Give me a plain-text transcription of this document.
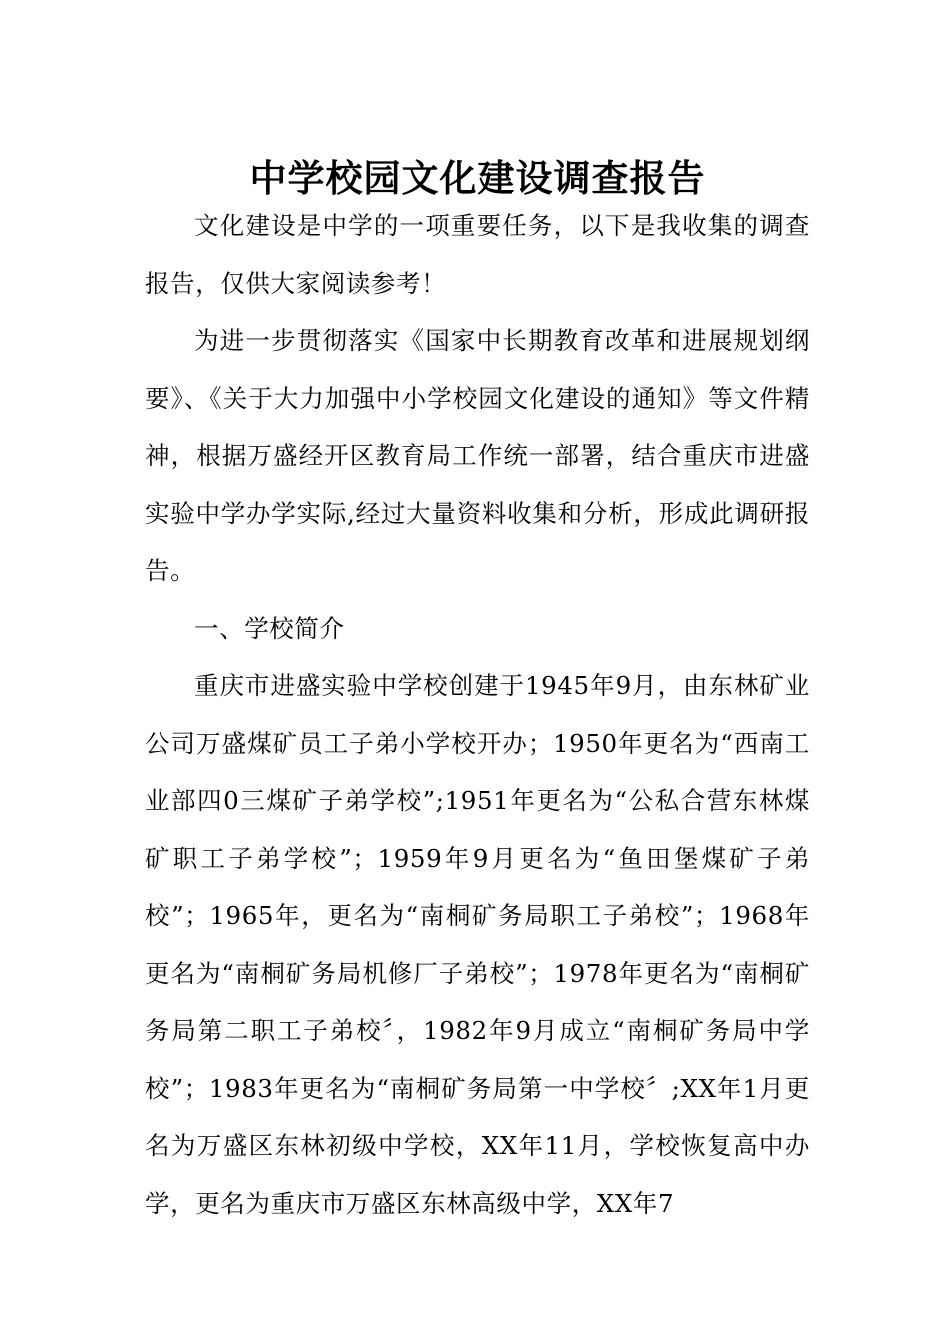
中学校园文化建设调查报告

文化建设是中学的一项重要任务，以下是我收集的调查报告，仅供大家阅读参考！

为进一步贯彻落实《国家中长期教育改革和进展规划纲要》、《关于大力加强中小学校园文化建设的通知》等文件精神，根据万盛经开区教育局工作统一部署，结合重庆市进盛实验中学办学实际,经过大量资料收集和分析，形成此调研报告。

一、学校简介

重庆市进盛实验中学校创建于1945年9月，由东林矿业公司万盛煤矿员工子弟小学校开办；1950年更名为“西南工业部四0三煤矿子弟学校”;1951年更名为“公私合营东林煤矿职工子弟学校”；1959年9月更名为“鱼田堡煤矿子弟校”；1965年，更名为“南桐矿务局职工子弟校”；1968年更名为“南桐矿务局机修厂子弟校”；1978年更名为“南桐矿务局第二职工子弟校〞，1982年9月成立“南桐矿务局中学校”；1983年更名为“南桐矿务局第一中学校〞;XX年1月更名为万盛区东林初级中学校，XX年11月，学校恢复高中办学，更名为重庆市万盛区东林高级中学，XX年7
